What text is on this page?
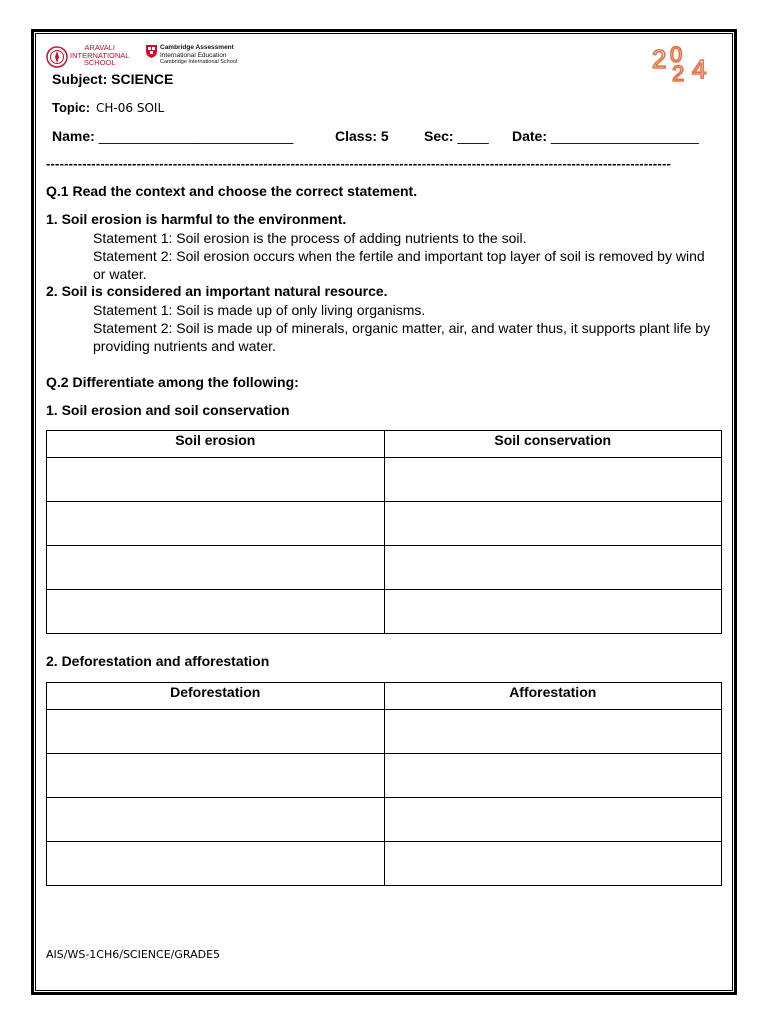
ARAVALI
INTERNATIONAL
SCHOOL
Cambridge Assessment
International Education
Cambridge International School	2 0
2 4
Subject: SCIENCE
Topic: CH-06 SOIL
Name: _________________________	Class: 5	Sec: ____ Date: ___________________
------------------------------------------------------------------------------------------------------------------------------------------
Q.1 Read the context and choose the correct statement.
1. Soil erosion is harmful to the environment.
Statement 1: Soil erosion is the process of adding nutrients to the soil.
Statement 2: Soil erosion occurs when the fertile and important top layer of soil is removed by wind or water.
2. Soil is considered an important natural resource.
Statement 1: Soil is made up of only living organisms.
Statement 2: Soil is made up of minerals, organic matter, air, and water thus, it supports plant life by providing nutrients and water.
Q.2 Differentiate among the following:
1. Soil erosion and soil conservation
Soil erosion	Soil conservation

2. Deforestation and afforestation
Deforestation	Afforestation

AIS/WS-1CH6/SCIENCE/GRADE5
